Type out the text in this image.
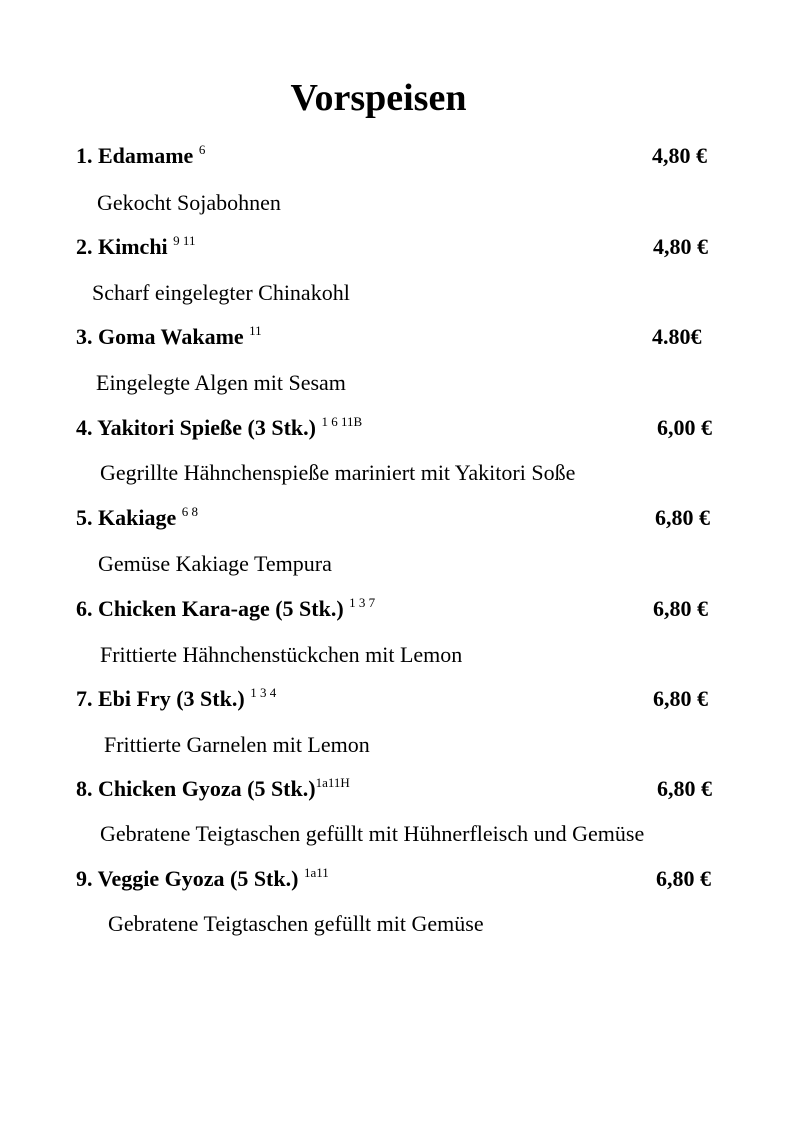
Vorspeisen
1. Edamame $^6$	4,80 €
Gekocht Sojabohnen
2. Kimchi $^{9 11}$	4,80 €
Scharf eingelegter Chinakohl
3. Goma Wakame $^{11}$	4.80€
Eingelegte Algen mit Sesam
4. Yakitori Spieße (3 Stk.) $^{1 6 11B}$	6,00 €
Gegrillte Hähnchenspieße mariniert mit Yakitori Soße
5. Kakiage $^{6 8}$	6,80 €
Gemüse Kakiage Tempura
6. Chicken Kara-age (5 Stk.) $^{1 3 7}$	6,80 €
Frittierte Hähnchenstückchen mit Lemon
7. Ebi Fry (3 Stk.) $^{1 3 4}$	6,80 €
Frittierte Garnelen mit Lemon
8. Chicken Gyoza (5 Stk.)$^{1a11H}$	6,80 €
Gebratene Teigtaschen gefüllt mit Hühnerfleisch und Gemüse
9. Veggie Gyoza (5 Stk.) $^{1a11}$	6,80 €
Gebratene Teigtaschen gefüllt mit Gemüse
